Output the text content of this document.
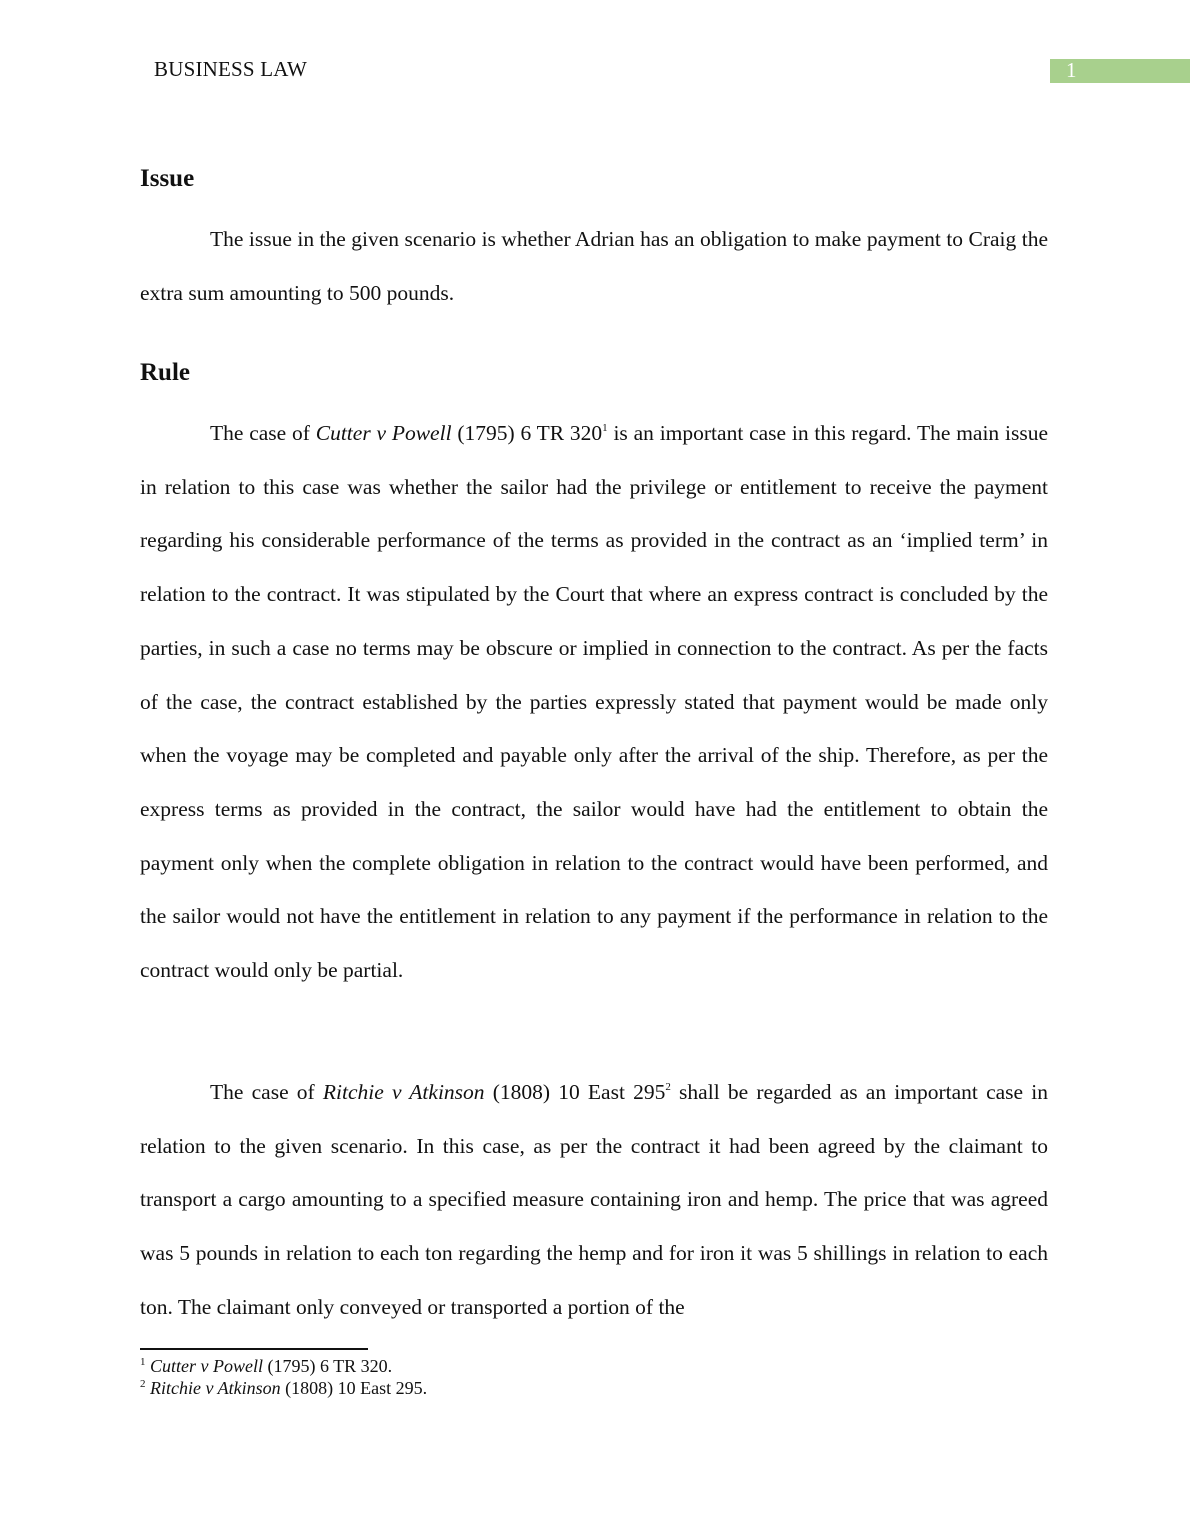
BUSINESS LAW	1
Issue

The issue in the given scenario is whether Adrian has an obligation to make payment to Craig the extra sum amounting to 500 pounds.

Rule

The case of Cutter v Powell (1795) 6 TR $320^1$ is an important case in this regard. The main issue in relation to this case was whether the sailor had the privilege or entitlement to receive the payment regarding his considerable performance of the terms as provided in the contract as an ‘implied term’ in relation to the contract. It was stipulated by the Court that where an express contract is concluded by the parties, in such a case no terms may be obscure or implied in connection to the contract. As per the facts of the case, the contract established by the parties expressly stated that payment would be made only when the voyage may be completed and payable only after the arrival of the ship. Therefore, as per the express terms as provided in the contract, the sailor would have had the entitlement to obtain the payment only when the complete obligation in relation to the contract would have been performed, and the sailor would not have the entitlement in relation to any payment if the performance in relation to the contract would only be partial.

The case of Ritchie v Atkinson (1808) 10 East $295^2$ shall be regarded as an important case in relation to the given scenario. In this case, as per the contract it had been agreed by the claimant to transport a cargo amounting to a specified measure containing iron and hemp. The price that was agreed was 5 pounds in relation to each ton regarding the hemp and for iron it was 5 shillings in relation to each ton. The claimant only conveyed or transported a portion of the

$^1$ Cutter v Powell (1795) 6 TR 320.
$^2$ Ritchie v Atkinson (1808) 10 East 295.
